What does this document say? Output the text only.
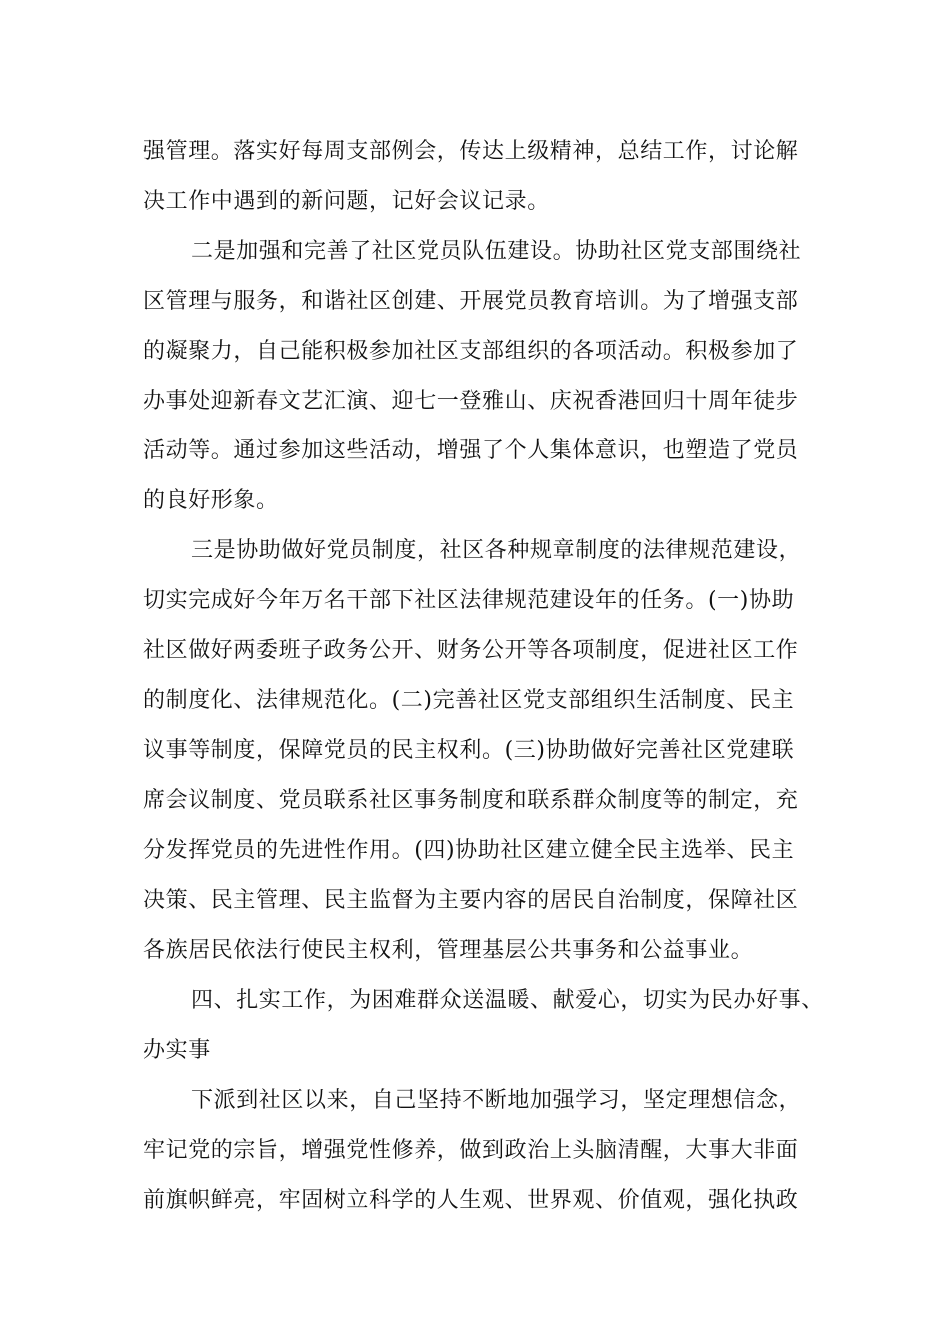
强管理。落实好每周支部例会，传达上级精神，总结工作，讨论解
决工作中遇到的新问题，记好会议记录。
二是加强和完善了社区党员队伍建设。协助社区党支部围绕社
区管理与服务，和谐社区创建、开展党员教育培训。为了增强支部
的凝聚力，自己能积极参加社区支部组织的各项活动。积极参加了
办事处迎新春文艺汇演、迎七一登雅山、庆祝香港回归十周年徒步
活动等。通过参加这些活动，增强了个人集体意识，也塑造了党员
的良好形象。
三是协助做好党员制度，社区各种规章制度的法律规范建设，
切实完成好今年万名干部下社区法律规范建设年的任务。(一)协助
社区做好两委班子政务公开、财务公开等各项制度，促进社区工作
的制度化、法律规范化。(二)完善社区党支部组织生活制度、民主
议事等制度，保障党员的民主权利。(三)协助做好完善社区党建联
席会议制度、党员联系社区事务制度和联系群众制度等的制定，充
分发挥党员的先进性作用。(四)协助社区建立健全民主选举、民主
决策、民主管理、民主监督为主要内容的居民自治制度，保障社区
各族居民依法行使民主权利，管理基层公共事务和公益事业。
四、扎实工作，为困难群众送温暖、献爱心，切实为民办好事、
办实事
下派到社区以来，自己坚持不断地加强学习，坚定理想信念，
牢记党的宗旨，增强党性修养，做到政治上头脑清醒，大事大非面
前旗帜鲜亮，牢固树立科学的人生观、世界观、价值观，强化执政
